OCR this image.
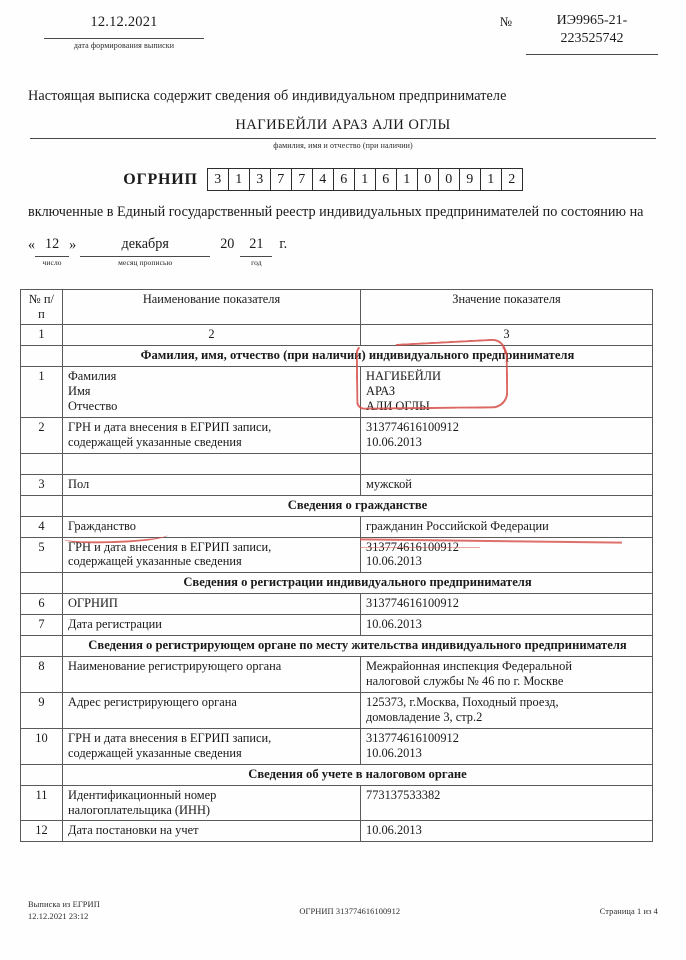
12.12.2021
дата формирования выписки
№	ИЭ9965-21-
223525742
Настоящая выписка содержит сведения об индивидуальном предпринимателе
НАГИБЕЙЛИ АРАЗ АЛИ ОГЛЫ
фамилия, имя и отчество (при наличии)
ОГРНИП	3	1	3	7	7	4	6	1	6	1	0	0	9	1	2
включенные в Единый государственный реестр индивидуальных предпринимателей по состоянию на
« 12
число
»	декабря
месяц прописью
20	21
год
г.
№ п/п	Наименование показателя	Значение показателя
1	2	3
	Фамилия, имя, отчество (при наличии) индивидуального предпринимателя	
1	Фамилия
Имя
Отчество	НАГИБЕЙЛИ
АРАЗ
АЛИ ОГЛЫ

2	ГРН и дата внесения в ЕГРИП записи,
содержащей указанные сведения	313774616100912
10.06.2013

3	Пол	мужской

	Сведения о гражданстве	
4	Гражданство	гражданин Российской Федерации

5	ГРН и дата внесения в ЕГРИП записи,
содержащей указанные сведения	313774616100912
10.06.2013

	Сведения о регистрации индивидуального предпринимателя	
6	ОГРНИП	313774616100912

7	Дата регистрации	10.06.2013

	Сведения о регистрирующем органе по месту жительства индивидуального предпринимателя	
8	Наименование регистрирующего органа	Межрайонная инспекция Федеральной
налоговой службы № 46 по г. Москве

9	Адрес регистрирующего органа	125373, г.Москва, Походный проезд,
домовладение 3, стр.2

10	ГРН и дата внесения в ЕГРИП записи,
содержащей указанные сведения	313774616100912
10.06.2013

	Сведения об учете в налоговом органе	
11	Идентификационный номер
налогоплательщика (ИНН)	773137533382

12	Дата постановки на учет	10.06.2013
Выписка из ЕГРИП
12.12.2021 23:12	ОГРНИП 313774616100912	Страница 1 из 4
